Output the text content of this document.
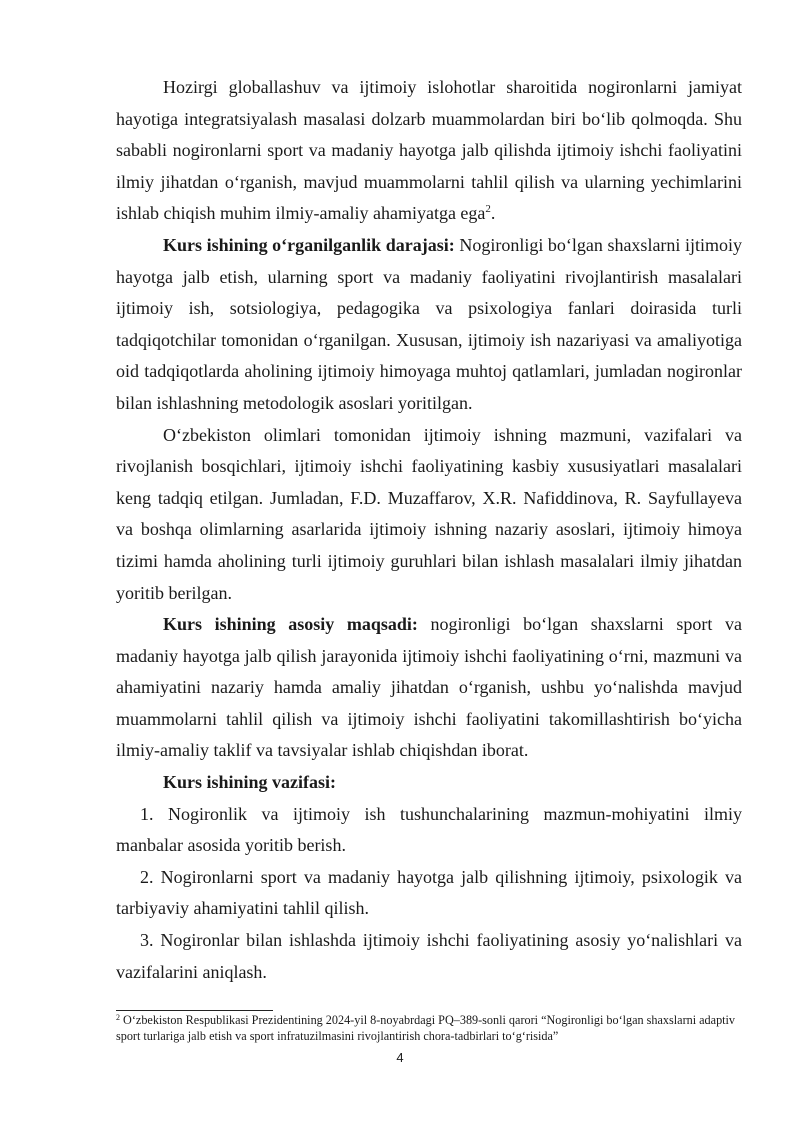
Hozirgi globallashuv va ijtimoiy islohotlar sharoitida nogironlarni jamiyat hayotiga integratsiyalash masalasi dolzarb muammolardan biri bo‘lib qolmoqda. Shu sababli nogironlarni sport va madaniy hayotga jalb qilishda ijtimoiy ishchi faoliyatini ilmiy jihatdan o‘rganish, mavjud muammolarni tahlil qilish va ularning yechimlarini ishlab chiqish muhim ilmiy-amaliy ahamiyatga ega$^2$.

Kurs ishining o‘rganilganlik darajasi: Nogironligi bo‘lgan shaxslarni ijtimoiy hayotga jalb etish, ularning sport va madaniy faoliyatini rivojlantirish masalalari ijtimoiy ish, sotsiologiya, pedagogika va psixologiya fanlari doirasida turli tadqiqotchilar tomonidan o‘rganilgan. Xususan, ijtimoiy ish nazariyasi va amaliyotiga oid tadqiqotlarda aholining ijtimoiy himoyaga muhtoj qatlamlari, jumladan nogironlar bilan ishlashning metodologik asoslari yoritilgan.

O‘zbekiston olimlari tomonidan ijtimoiy ishning mazmuni, vazifalari va rivojlanish bosqichlari, ijtimoiy ishchi faoliyatining kasbiy xususiyatlari masalalari keng tadqiq etilgan. Jumladan, F.D. Muzaffarov, X.R. Nafiddinova, R. Sayfullayeva va boshqa olimlarning asarlarida ijtimoiy ishning nazariy asoslari, ijtimoiy himoya tizimi hamda aholining turli ijtimoiy guruhlari bilan ishlash masalalari ilmiy jihatdan yoritib berilgan.

Kurs ishining asosiy maqsadi: nogironligi bo‘lgan shaxslarni sport va madaniy hayotga jalb qilish jarayonida ijtimoiy ishchi faoliyatining o‘rni, mazmuni va ahamiyatini nazariy hamda amaliy jihatdan o‘rganish, ushbu yo‘nalishda mavjud muammolarni tahlil qilish va ijtimoiy ishchi faoliyatini takomillashtirish bo‘yicha ilmiy-amaliy taklif va tavsiyalar ishlab chiqishdan iborat.

Kurs ishining vazifasi:

1. Nogironlik va ijtimoiy ish tushunchalarining mazmun-mohiyatini ilmiy manbalar asosida yoritib berish.

2. Nogironlarni sport va madaniy hayotga jalb qilishning ijtimoiy, psixologik va tarbiyaviy ahamiyatini tahlil qilish.

3. Nogironlar bilan ishlashda ijtimoiy ishchi faoliyatining asosiy yo‘nalishlari va vazifalarini aniqlash.

$^2$ O‘zbekiston Respublikasi Prezidentining 2024-yil 8-noyabrdagi PQ–389-sonli qarori “Nogironligi bo‘lgan shaxslarni adaptiv sport turlariga jalb etish va sport infratuzilmasini rivojlantirish chora-tadbirlari to‘g‘risida”
4
